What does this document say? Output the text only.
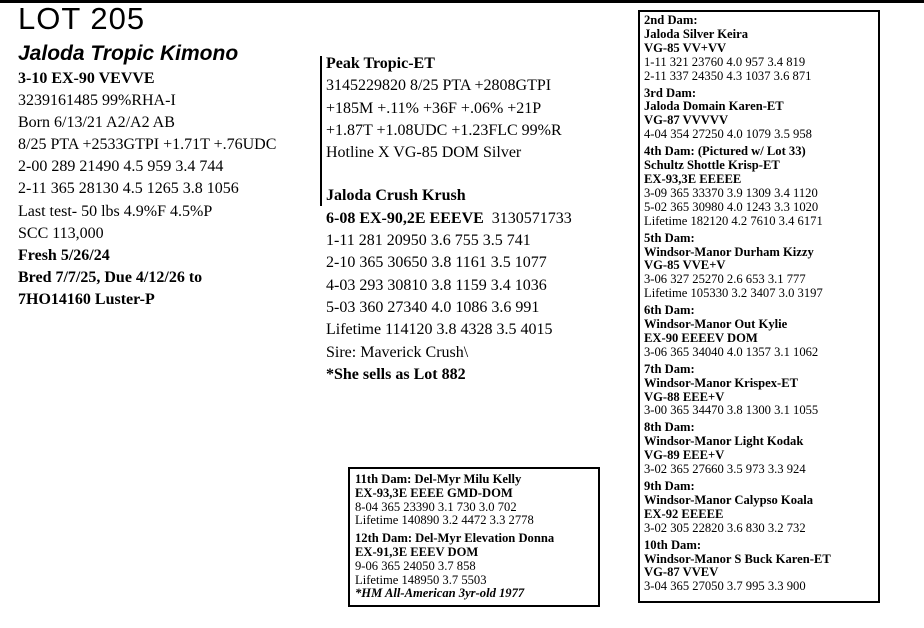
LOT 205
Jaloda Tropic Kimono
3-10 EX-90 VEVVE
3239161485 99%RHA-I
Born 6/13/21 A2/A2 AB
8/25 PTA +2533GTPI +1.71T +.76UDC
2-00 289 21490 4.5 959 3.4 744
2-11 365 28130 4.5 1265 3.8 1056
Last test- 50 lbs 4.9%F 4.5%P
SCC 113,000
Fresh 5/26/24
Bred 7/7/25, Due 4/12/26 to
7HO14160 Luster-P
Peak Tropic-ET
3145229820 8/25 PTA +2808GTPI
+185M +.11% +36F +.06% +21P
+1.87T +1.08UDC +1.23FLC 99%R
Hotline X VG-85 DOM Silver
Jaloda Crush Krush
6-08 EX-90,2E EEEVE  3130571733
1-11 281 20950 3.6 755 3.5 741
2-10 365 30650 3.8 1161 3.5 1077
4-03 293 30810 3.8 1159 3.4 1036
5-03 360 27340 4.0 1086 3.6 991
Lifetime 114120 3.8 4328 3.5 4015
Sire: Maverick Crush\
*She sells as Lot 882
2nd Dam:
Jaloda Silver Keira
VG-85 VV+VV
1-11 321 23760 4.0 957 3.4 819
2-11 337 24350 4.3 1037 3.6 871
3rd Dam:
Jaloda Domain Karen-ET
VG-87 VVVVV
4-04 354 27250 4.0 1079 3.5 958
4th Dam: (Pictured w/ Lot 33)
Schultz Shottle Krisp-ET
EX-93,3E EEEEE
3-09 365 33370 3.9 1309 3.4 1120
5-02 365 30980 4.0 1243 3.3 1020
Lifetime 182120 4.2 7610 3.4 6171
5th Dam:
Windsor-Manor Durham Kizzy
VG-85 VVE+V
3-06 327 25270 2.6 653 3.1 777
Lifetime 105330 3.2 3407 3.0 3197
6th Dam:
Windsor-Manor Out Kylie
EX-90 EEEEV DOM
3-06 365 34040 4.0 1357 3.1 1062
7th Dam:
Windsor-Manor Krispex-ET
VG-88 EEE+V
3-00 365 34470 3.8 1300 3.1 1055
8th Dam:
Windsor-Manor Light Kodak
VG-89 EEE+V
3-02 365 27660 3.5 973 3.3 924
9th Dam:
Windsor-Manor Calypso Koala
EX-92 EEEEE
3-02 305 22820 3.6 830 3.2 732
10th Dam:
Windsor-Manor S Buck Karen-ET
VG-87 VVEV
3-04 365 27050 3.7 995 3.3 900
11th Dam: Del-Myr Milu Kelly
EX-93,3E EEEE GMD-DOM
8-04 365 23390 3.1 730 3.0 702
Lifetime 140890 3.2 4472 3.3 2778
12th Dam: Del-Myr Elevation Donna
EX-91,3E EEEV DOM
9-06 365 24050 3.7 858
Lifetime 148950 3.7 5503
*HM All-American 3yr-old 1977
